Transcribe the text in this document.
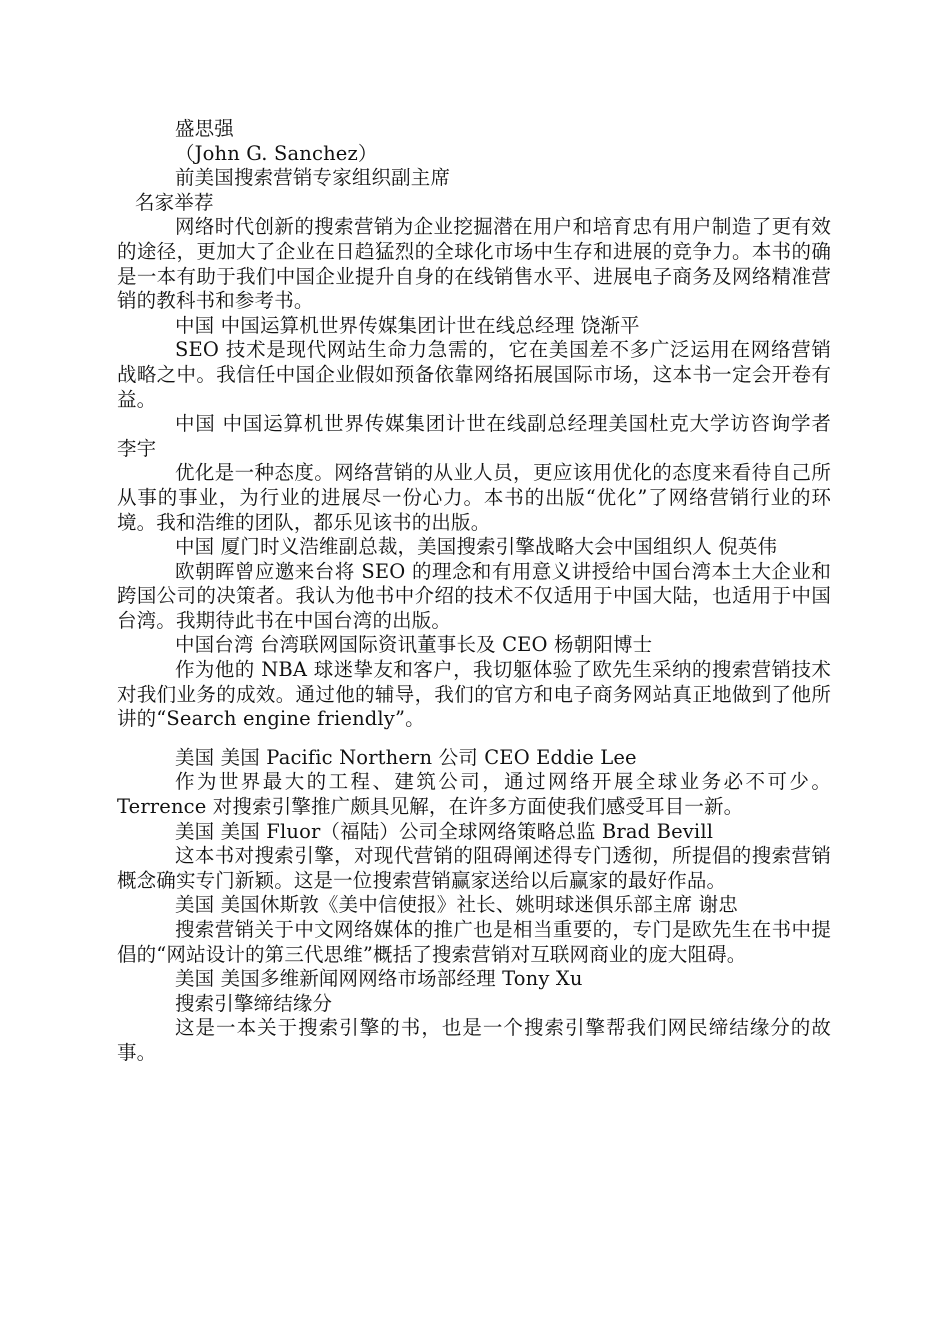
盛思强

（John G. Sanchez）

前美国搜索营销专家组织副主席

名家举荐

网络时代创新的搜索营销为企业挖掘潜在用户和培育忠有用户制造了更有效的途径，更加大了企业在日趋猛烈的全球化市场中生存和进展的竞争力。本书的确是一本有助于我们中国企业提升自身的在线销售水平、进展电子商务及网络精准营销的教科书和参考书。

中国 中国运算机世界传媒集团计世在线总经理 饶渐平

SEO 技术是现代网站生命力急需的，它在美国差不多广泛运用在网络营销战略之中。我信任中国企业假如预备依靠网络拓展国际市场，这本书一定会开卷有益。

中国 中国运算机世界传媒集团计世在线副总经理美国杜克大学访咨询学者 李宇

优化是一种态度。网络营销的从业人员，更应该用优化的态度来看待自己所从事的事业，为行业的进展尽一份心力。本书的出版“优化”了网络营销行业的环境。我和浩维的团队，都乐见该书的出版。

中国 厦门时义浩维副总裁，美国搜索引擎战略大会中国组织人 倪英伟

欧朝晖曾应邀来台将 SEO 的理念和有用意义讲授给中国台湾本土大企业和跨国公司的决策者。我认为他书中介绍的技术不仅适用于中国大陆，也适用于中国台湾。我期待此书在中国台湾的出版。

中国台湾 台湾联网国际资讯董事长及 CEO 杨朝阳博士

作为他的 NBA 球迷挚友和客户，我切躯体验了欧先生采纳的搜索营销技术对我们业务的成效。通过他的辅导，我们的官方和电子商务网站真正地做到了他所讲的“Search engine friendly”。

美国 美国 Pacific Northern 公司 CEO Eddie Lee

作为世界最大的工程、建筑公司，通过网络开展全球业务必不可少。Terrence 对搜索引擎推广颇具见解，在许多方面使我们感受耳目一新。

美国 美国 Fluor（福陆）公司全球网络策略总监 Brad Bevill

这本书对搜索引擎，对现代营销的阻碍阐述得专门透彻，所提倡的搜索营销概念确实专门新颖。这是一位搜索营销赢家送给以后赢家的最好作品。

美国 美国休斯敦《美中信使报》社长、姚明球迷俱乐部主席 谢忠

搜索营销关于中文网络媒体的推广也是相当重要的，专门是欧先生在书中提倡的“网站设计的第三代思维”概括了搜索营销对互联网商业的庞大阻碍。

美国 美国多维新闻网网络市场部经理 Tony Xu

搜索引擎缔结缘分

这是一本关于搜索引擎的书，也是一个搜索引擎帮我们网民缔结缘分的故事。
